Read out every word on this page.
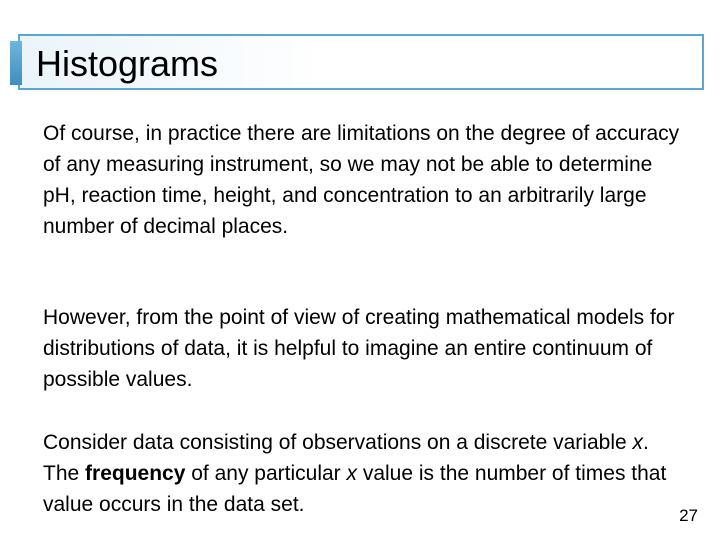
Histograms

Of course, in practice there are limitations on the degree of accuracy of any measuring instrument, so we may not be able to determine pH, reaction time, height, and concentration to an arbitrarily large number of decimal places.

However, from the point of view of creating mathematical models for distributions of data, it is helpful to imagine an entire continuum of possible values.

Consider data consisting of observations on a discrete variable x. The frequency of any particular x value is the number of times that value occurs in the data set.	27
